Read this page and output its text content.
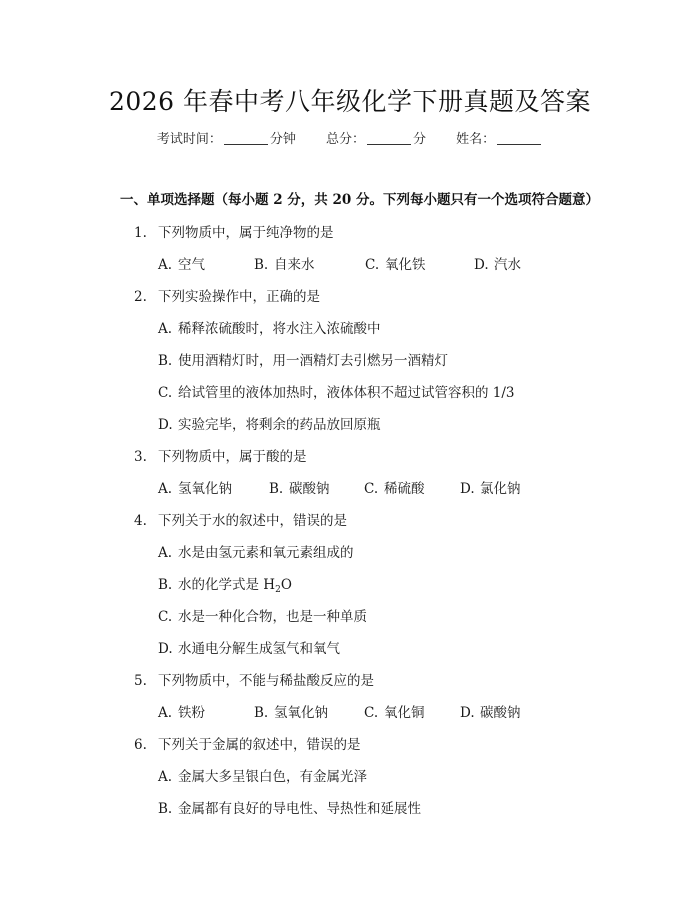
2026 年春中考八年级化学下册真题及答案
考试时间：	分钟 总分：	分 姓名：
一、单项选择题（每小题 2 分，共 20 分。下列每小题只有一个选项符合题意）
1. 下列物质中，属于纯净物的是
A. 空气	B. 自来水	C. 氧化铁	D. 汽水
2. 下列实验操作中，正确的是
A. 稀释浓硫酸时，将水注入浓硫酸中
B. 使用酒精灯时，用一酒精灯去引燃另一酒精灯
C. 给试管里的液体加热时，液体体积不超过试管容积的 1/3
D. 实验完毕，将剩余的药品放回原瓶
3. 下列物质中，属于酸的是
A. 氢氧化钠	B. 碳酸钠	C. 稀硫酸	D. 氯化钠
4. 下列关于水的叙述中，错误的是
A. 水是由氢元素和氧元素组成的
B. 水的化学式是 $H_2O$
C. 水是一种化合物，也是一种单质
D. 水通电分解生成氢气和氧气
5. 下列物质中，不能与稀盐酸反应的是
A. 铁粉	B. 氢氧化钠	C. 氧化铜	D. 碳酸钠
6. 下列关于金属的叙述中，错误的是
A. 金属大多呈银白色，有金属光泽
B. 金属都有良好的导电性、导热性和延展性
